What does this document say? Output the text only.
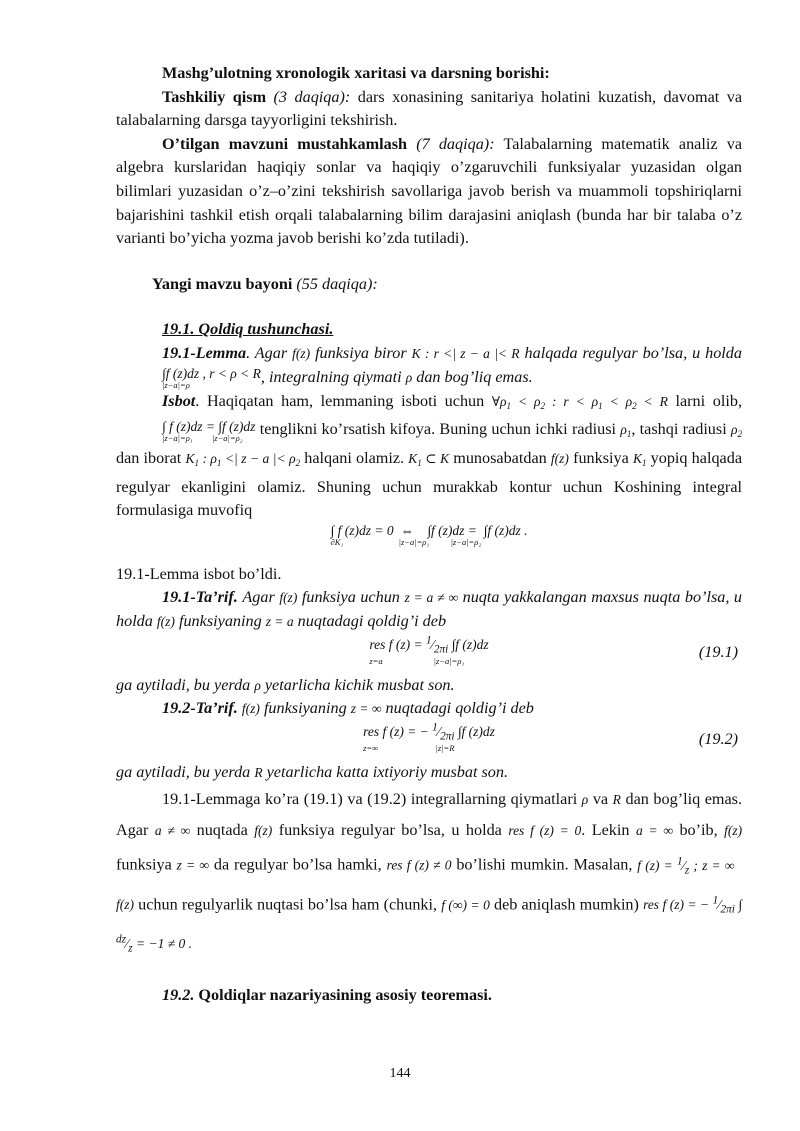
Mashg’ulotning xronologik xaritasi va darsning borishi:

Tashkiliy qism (3 daqiqa): dars xonasining sanitariya holatini kuzatish, davomat va talabalarning darsga tayyorligini tekshirish.

O’tilgan mavzuni mustahkamlash (7 daqiqa): Talabalarning matematik analiz va algebra kurslaridan haqiqiy sonlar va haqiqiy o’zgaruvchili funksiyalar yuzasidan olgan bilimlari yuzasidan o’z–o’zini tekshirish savollariga javob berish va muammoli topshiriqlarni bajarishini tashkil etish orqali talabalarning bilim darajasini aniqlash (bunda har bir talaba o’z varianti bo’yicha yozma javob berishi ko’zda tutiladi).

Yangi mavzu bayoni (55 daqiqa):

19.1. Qoldiq tushunchasi.

19.1-Lemma. Agar f(z) funksiya biror K : r <| z − a |< R halqada regulyar bo’lsa, u holda ∫f (z)dz , r < ρ < R
|z−a|=ρ	, integralning qiymati ρ dan bog’liq emas.

Isbot. Haqiqatan ham, lemmaning isboti uchun $\forall\rho_1 < \rho_2$ : $r < \rho_1 < \rho_2 < R$ larni olib, ∫ f (z)dz = ∫f (z)dz
|z−a|=ρ₁         |z−a|=ρ₂	tenglikni ko’rsatish kifoya. Buning uchun ichki radiusi $\rho_1$, tashqi radiusi $\rho_2$ dan iborat $K_1$ : $\rho_1$ <| z − a |< $\rho_2$ halqani olamiz. $K_1$ ⊂ K munosabatdan f(z) funksiya $K_1$ yopiq halqada regulyar ekanligini olamiz. Shuning uchun murakkab kontur uchun Koshining integral formulasiga muvofiq

∫ f (z)dz = 0  ⇔    ∫f (z)dz =  ∫f (z)dz .
∂K₁                          |z−a|=ρ₁          |z−a|=ρ₂

19.1-Lemma isbot bo’ldi.

19.1-Ta’rif. Agar f(z) funksiya uchun z = a ≠ ∞ nuqta yakkalangan maxsus nuqta bo’lsa, u holda f(z) funksiyaning z = a nuqtadagi qoldig’i deb

res f $(z) = ^1⁄_{2\pi i}$ ∫f (z)dz
z=a                        |z−a|=ρ₁
(19.1)

ga aytiladi, bu yerda ρ yetarlicha kichik musbat son.

19.2-Ta’rif. f(z) funksiyaning z = ∞ nuqtadagi qoldig’i deb

res f (z) = − $^1⁄_{2\pi i}$ ∫f (z)dz
z=∞                           |z|=R
(19.2)

ga aytiladi, bu yerda R yetarlicha katta ixtiyoriy musbat son.

19.1-Lemmaga ko’ra (19.1) va (19.2) integrallarning qiymatlari ρ va R dan bog’liq emas. Agar a ≠ ∞ nuqtada f(z) funksiya regulyar bo’lsa, u holda res f (z) = 0. Lekin a = ∞ bo’ib, f(z) funksiya z = ∞ da regulyar bo’lsa hamki, res f (z) ≠ 0 bo’lishi mumkin. Masalan, f $(z) = ^1⁄_z$ ; z = ∞   f(z) uchun regulyarlik nuqtasi bo’lsa ham (chunki, f (∞) = 0 deb aniqlash mumkin) res f (z) = − $^1⁄_{2\pi i}$ ∫ $^{dz}⁄_z = -1 \ne 0$ .

19.2. Qoldiqlar nazariyasining asosiy teoremasi.

144
